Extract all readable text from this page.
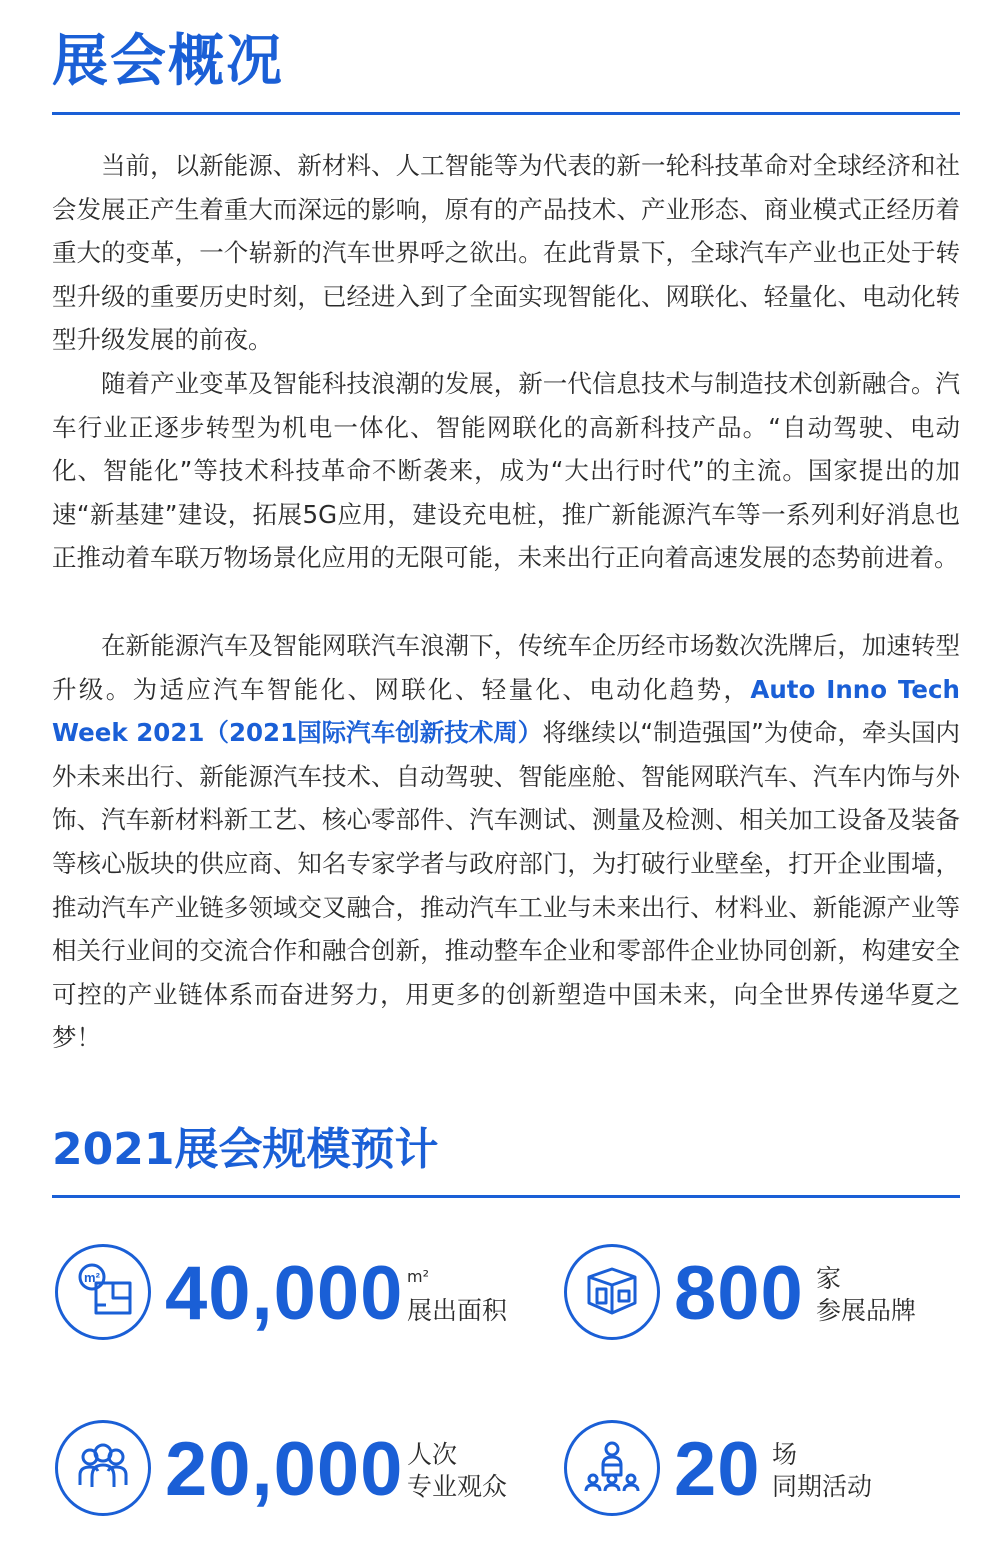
展会概况

当前，以新能源、新材料、人工智能等为代表的新一轮科技革命对全球经济和社会发展正产生着重大而深远的影响，原有的产品技术、产业形态、商业模式正经历着重大的变革，一个崭新的汽车世界呼之欲出。在此背景下，全球汽车产业也正处于转型升级的重要历史时刻，已经进入到了全面实现智能化、网联化、轻量化、电动化转型升级发展的前夜。

随着产业变革及智能科技浪潮的发展，新一代信息技术与制造技术创新融合。汽车行业正逐步转型为机电一体化、智能网联化的高新科技产品。“自动驾驶、电动化、智能化”等技术科技革命不断袭来，成为“大出行时代”的主流。国家提出的加速“新基建”建设，拓展5G应用，建设充电桩，推广新能源汽车等一系列利好消息也正推动着车联万物场景化应用的无限可能，未来出行正向着高速发展的态势前进着。

在新能源汽车及智能网联汽车浪潮下，传统车企历经市场数次洗牌后，加速转型升级。为适应汽车智能化、网联化、轻量化、电动化趋势，Auto Inno Tech Week 2021（2021国际汽车创新技术周）将继续以“制造强国”为使命，牵头国内外未来出行、新能源汽车技术、自动驾驶、智能座舱、智能网联汽车、汽车内饰与外饰、汽车新材料新工艺、核心零部件、汽车测试、测量及检测、相关加工设备及装备等核心版块的供应商、知名专家学者与政府部门，为打破行业壁垒，打开企业围墙，推动汽车产业链多领域交叉融合，推动汽车工业与未来出行、材料业、新能源产业等相关行业间的交流合作和融合创新，推动整车企业和零部件企业协同创新，构建安全可控的产业链体系而奋进努力，用更多的创新塑造中国未来，向全世界传递华夏之梦！

2021展会规模预计
m² 40,000 m²
展出面积 800 家
参展品牌
20,000 人次
专业观众 20 场
同期活动
